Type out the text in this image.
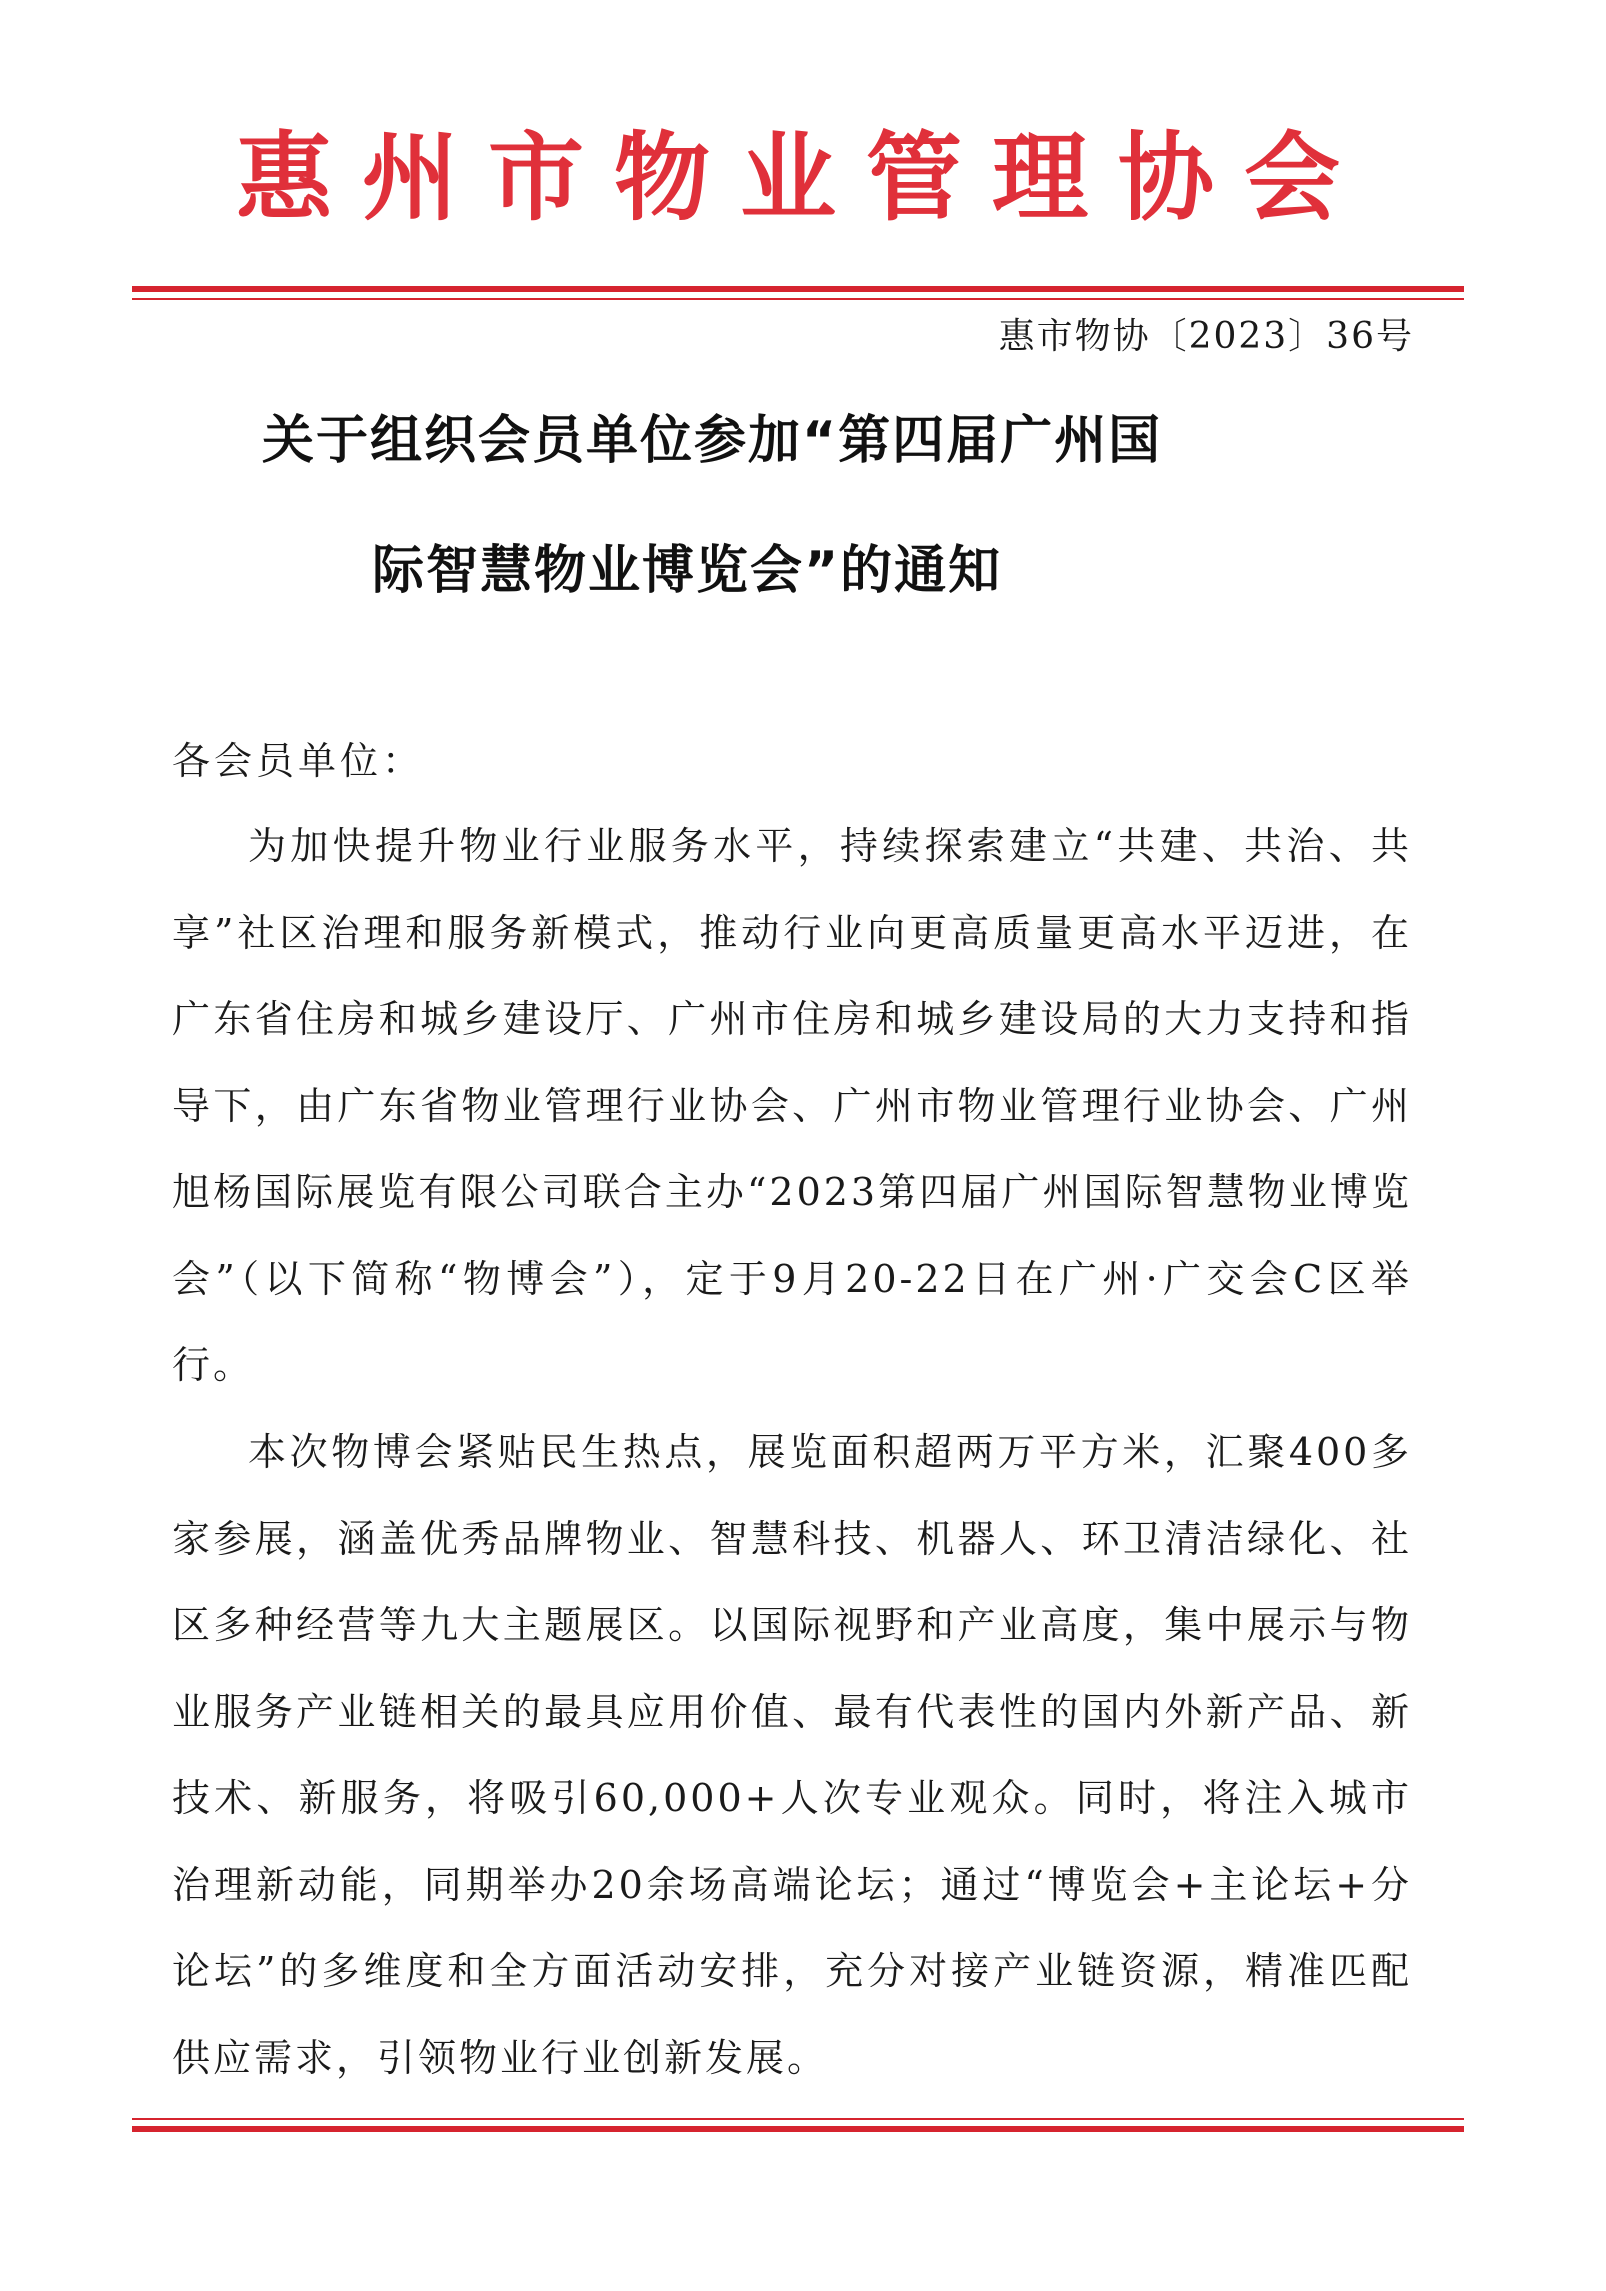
惠州市物业管理协会
惠市物协〔2023〕36号
关于组织会员单位参加“第四届广州国
际智慧物业博览会”的通知
各会员单位：

为加快提升物业行业服务水平，持续探索建立“共建、共治、共享”社区治理和服务新模式，推动行业向更高质量更高水平迈进，在广东省住房和城乡建设厅、广州市住房和城乡建设局的大力支持和指导下，由广东省物业管理行业协会、广州市物业管理行业协会、广州旭杨国际展览有限公司联合主办“2023第四届广州国际智慧物业博览会”（以下简称“物博会”），定于9月20-22日在广州·广交会C区举行。

本次物博会紧贴民生热点，展览面积超两万平方米，汇聚400多家参展，涵盖优秀品牌物业、智慧科技、机器人、环卫清洁绿化、社区多种经营等九大主题展区。以国际视野和产业高度，集中展示与物业服务产业链相关的最具应用价值、最有代表性的国内外新产品、新技术、新服务，将吸引60,000+人次专业观众。同时，将注入城市治理新动能，同期举办20余场高端论坛；通过“博览会+主论坛+分论坛”的多维度和全方面活动安排，充分对接产业链资源，精准匹配供应需求，引领物业行业创新发展。
